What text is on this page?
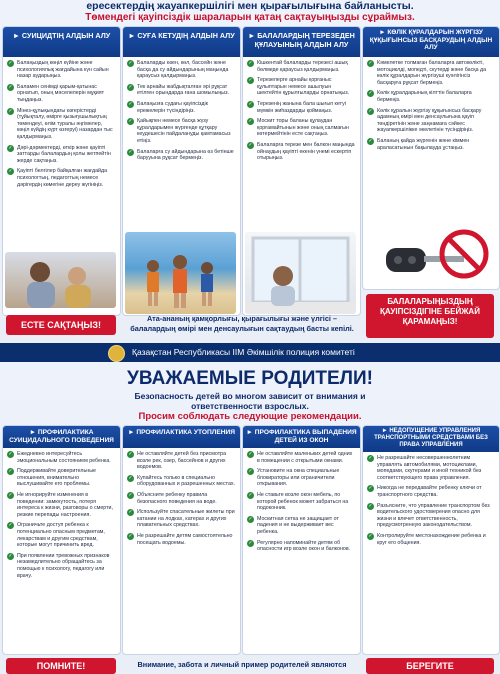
ересектердің жауапкершілігі мен қырағылығына байланысты.
Төмендегі қауіпсіздік шараларын қатаң сақтауыңызды сұраймыз.
► СУИЦИДТІҢ АЛДЫН АЛУ
✓ Балаңыздың көңіл күйіне және психологиялық жағдайына күн сайын назар аударыңыз.
✓ Баламен сенімді қарым-қатынас орнатып, оның мәселелерін мұқият тыңдаңыз.
✓ Мінез-құлықындағы өзгерістерді (тұйықталу, өмірге қызығушылықтың төмендеуі, өлім туралы әңгімелер, көңіл күйдің күрт өзгеруі) назардан тыс қалдырмаңыз.
✓ Дәрі-дәрмектерді, өткір және қауіпті заттарды балалардың қолы жетпейтін жерде сақтаңыз.
✓ Қауіпті белгілер байқалған жағдайда психологтың, педагогтың немесе дәрігердің көмегіне дереу жүгініңіз.
ЕСТЕ САҚТАҢЫЗ!
► СУҒА КЕТУДІҢ АЛДЫН АЛУ
✓ Балаларды өзен, көл, бассейн және басқа да су айдындарының маңында қараусыз қалдырмаңыз.
✓ Тек арнайы жабдықталған әрі рұқсат етілген орындарда ғана шомылыңыз.
✓ Балаңызға судағы қауіпсіздік ережелерін түсіндіріңіз.
✓ Қайықпен немесе басқа жүзу құралдарымен жүргенде құтқару кеудешесін пайдалануды қамтамасыз етіңіз.
✓ Балаларға су айдындарына өз бетінше барууына рұқсат бермеңіз.
► БАЛАЛАРДЫҢ ТЕРЕЗЕДЕН ҚҰЛАУЫНЫҢ АЛДЫН АЛУ
✓ Кішкентай балаларды терезесі ашық бөлмеде қараусыз қалдырмаңыз.
✓ Терезелерге арнайы қорғаныс құлыптарын немесе ашылуын шектейтін құрылғыларды орнатыңыз.
✓ Терезенің жанына бала шығып кетуі мүмкін жиһаздарды қоймаңыз.
✓ Москит торы баланы құлаудан қорғамайтынын және оның салмағын көтермейтінін есте сақтаңыз.
✓ Балаларға терезе мен балкон маңында ойнаудың қауіпті екенін үнемі ескертіп отырыңыз.
► КӨЛІК ҚҰРАЛДАРЫН ЖҮРГІЗУ ҚҰҚЫҒЫНСЫЗ БАСҚАРУДЫҢ АЛДЫН АЛУ
✓ Кәмелетке толмаған балаларға автокөлікті, мотоциклді, мопедті, скутерді және басқа да көлік құралдарын жүргізуші куәлігінсіз басқаруға рұқсат бермеңіз.
✓ Көлік құралдарының кілттін балаларға бермеңіз.
✓ Көлік құралын жүргізу құқығынсыз басқару адамның өмірі мен денсаулығына қауіп төндіретінін және заңнамаға сәйкес жауапкершілікке әкелетінін түсіндіріңіз.
✓ Баланың қайда жүргенін және кіммен араласатынын бақылауда ұстаңыз.
БАЛАЛАРЫҢЫЗДЫҢ ҚАУІПСІЗДІГІНЕ БЕЙЖАЙ ҚАРАМАҢЫЗ!
Ата-ананың қамқорлығы, қырағылығы және үлгісі – балалардың өмірі мен денсаулығын сақтаудың басты кепілі.
Қазақстан Республикасы ІІМ Әкімшілік полиция комитеті
УВАЖАЕМЫЕ РОДИТЕЛИ!
Безопасность детей во многом зависит от внимания и ответственности взрослых.
Просим соблюдать следующие рекомендации.
► ПРОФИЛАКТИКА СУИЦИДАЛЬНОГО ПОВЕДЕНИЯ
✓ Ежедневно интересуйтесь эмоциональным состоянием ребенка.
✓ Поддерживайте доверительные отношения, внимательно выслушивайте его проблемы.
✓ Не игнорируйте изменения в поведении: замкнутость, потеря интереса к жизни, разговоры о смерти, резкие перепады настроения.
✓ Ограничьте доступ ребенка к потенциально опасным предметам, лекарствам и другим средствам, которые могут причинить вред.
✓ При появлении тревожных признаков незамедлительно обращайтесь за помощью к психологу, педагогу или врачу.
ПОМНИТЕ!
► ПРОФИЛАКТИКА УТОПЛЕНИЯ
✓ Не оставляйте детей без присмотра возле рек, озер, бассейнов и других водоемов.
✓ Купайтесь только в специально оборудованных и разрешенных местах.
✓ Объясните ребенку правила безопасного поведения на воде.
✓ Используйте спасательные жилеты при катании на лодках, катерах и других плавательных средствах.
✓ Не разрешайте детям самостоятельно посещать водоемы.
► ПРОФИЛАКТИКА ВЫПАДЕНИЯ ДЕТЕЙ ИЗ ОКОН
✓ Не оставляйте маленьких детей одних в помещении с открытыми окнами.
✓ Установите на окна специальные блокираторы или ограничители открывания.
✓ Не ставьте возле окон мебель, по которой ребенок может забраться на подоконник.
✓ Москитная сетка не защищает от падения и не выдерживает вес ребенка.
✓ Регулярно напоминайте детям об опасности игр возле окон и балконов.
► НЕДОПУЩЕНИЕ УПРАВЛЕНИЯ ТРАНСПОРТНЫМИ СРЕДСТВАМИ БЕЗ ПРАВА УПРАВЛЕНИЯ
✓ Не разрешайте несовершеннолетним управлять автомобилями, мотоциклами, мопедами, скутерами и иной техникой без соответствующего права управления.
✓ Никогда не передавайте ребенку ключи от транспортного средства.
✓ Разъясните, что управление транспортом без водительского удостоверения опасно для жизни и влечет ответственность, предусмотренную законодательством.
✓ Контролируйте местонахождение ребенка и круг его общения.
БЕРЕГИТЕ
Внимание, забота и личный пример родителей являются
